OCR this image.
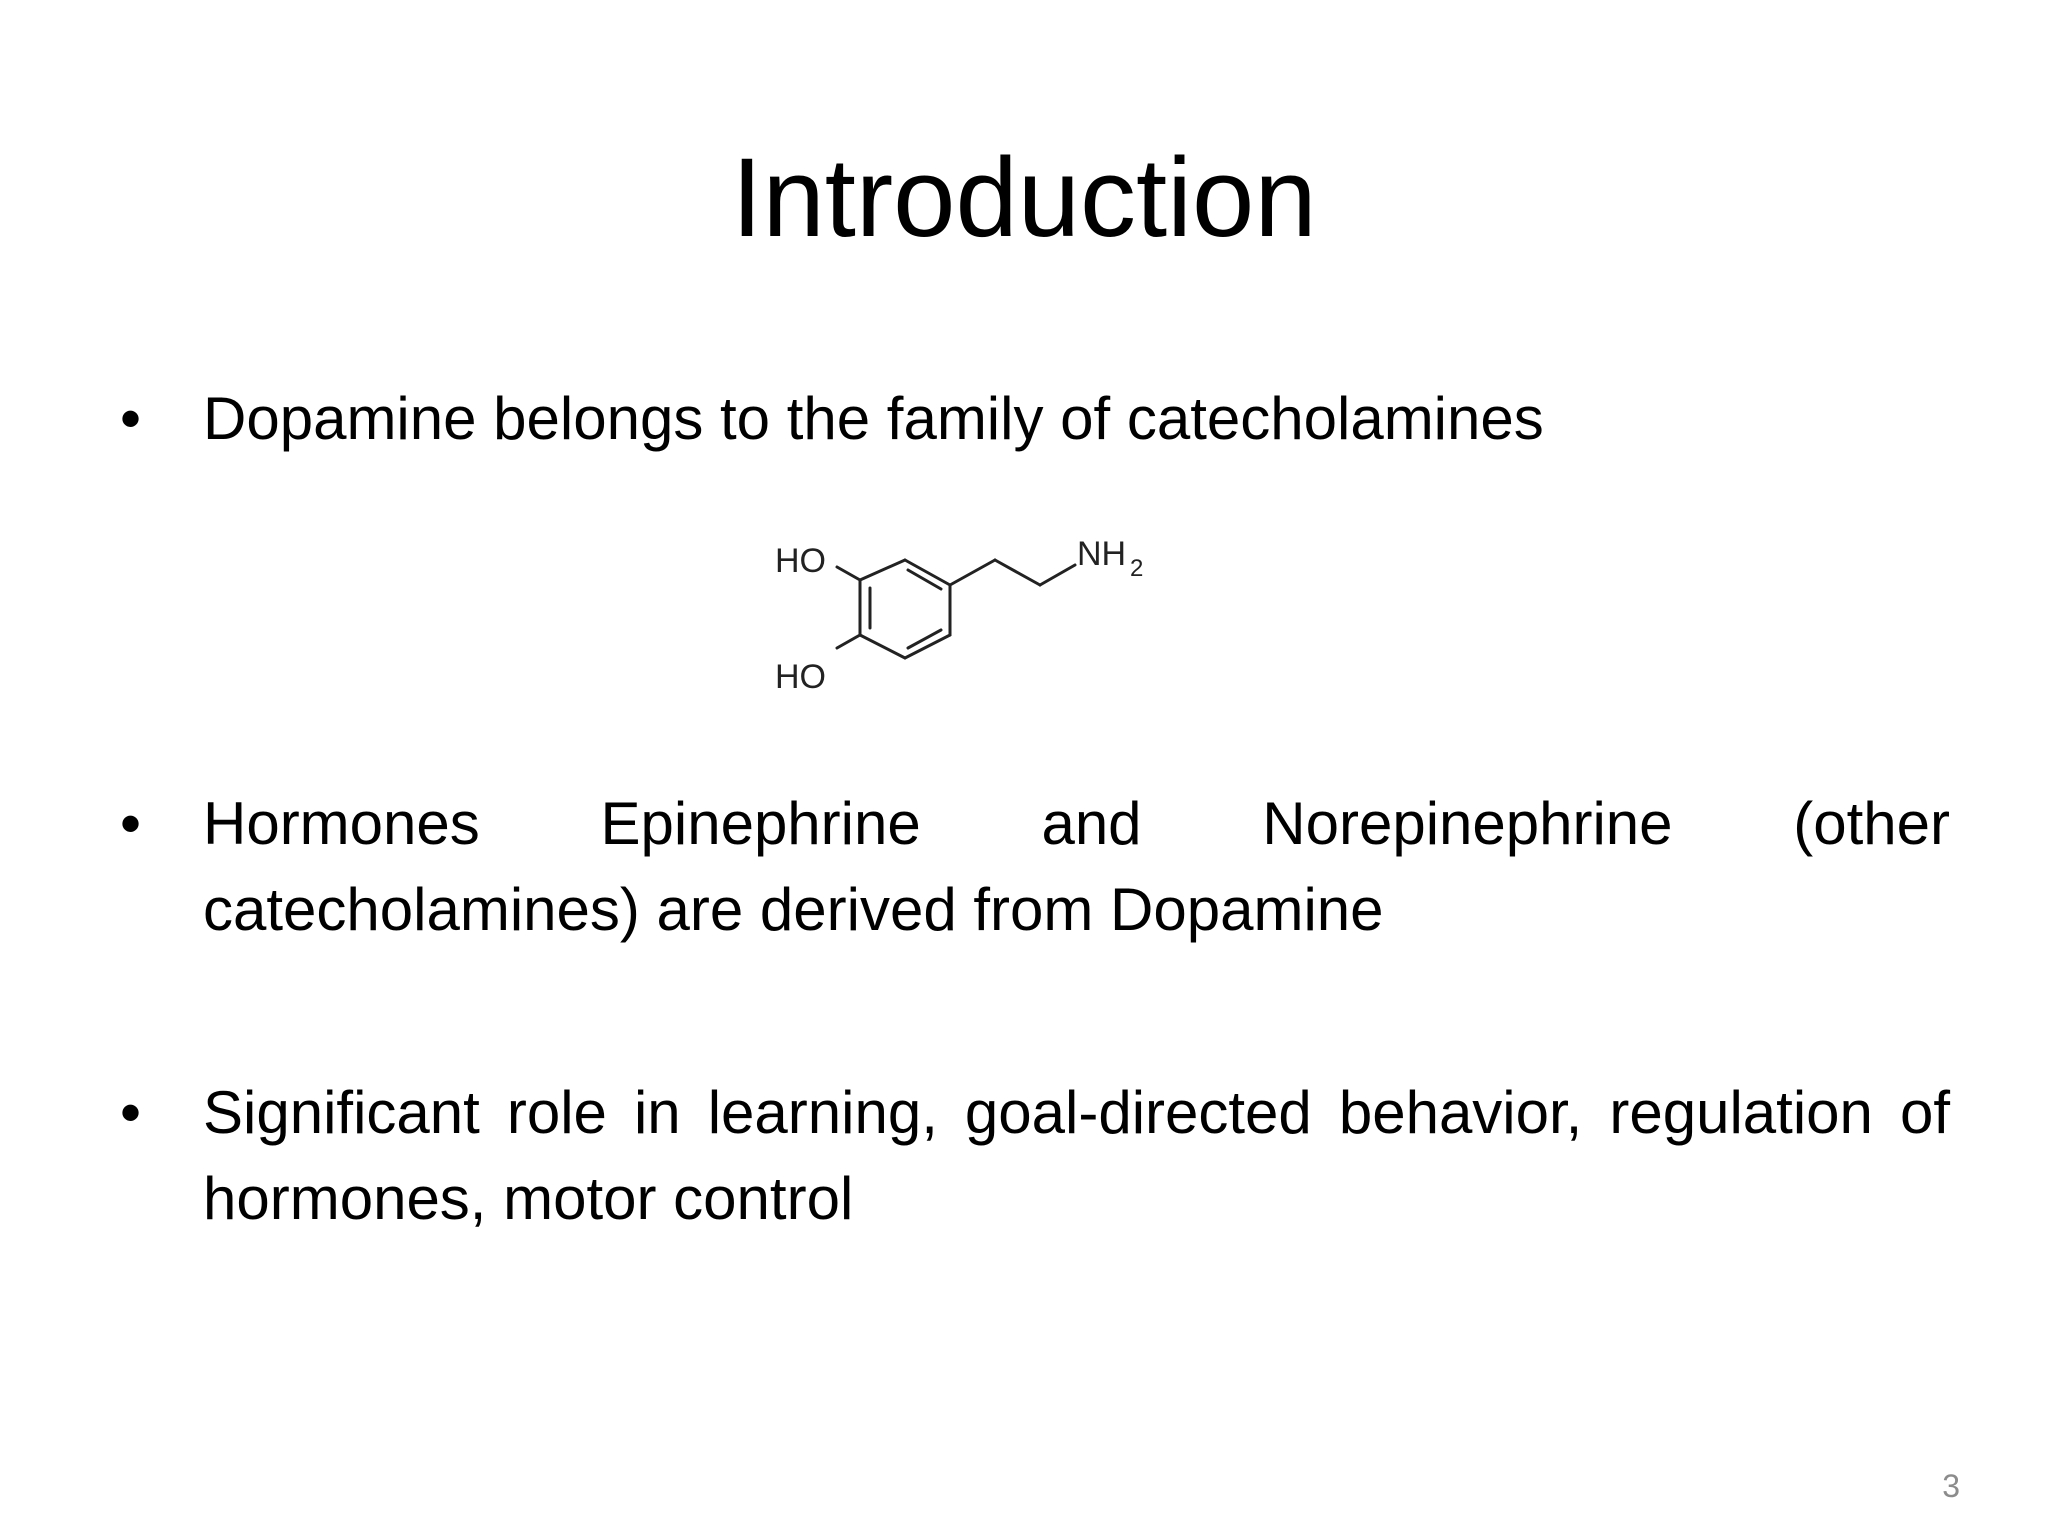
Introduction
•	Dopamine belongs to the family of catecholamines
HO
HO
NH 2
•	Hormones Epinephrine and Norepinephrine (other catecholamines) are derived from Dopamine
•	Significant role in learning, goal-directed behavior, regulation of hormones, motor control
3
